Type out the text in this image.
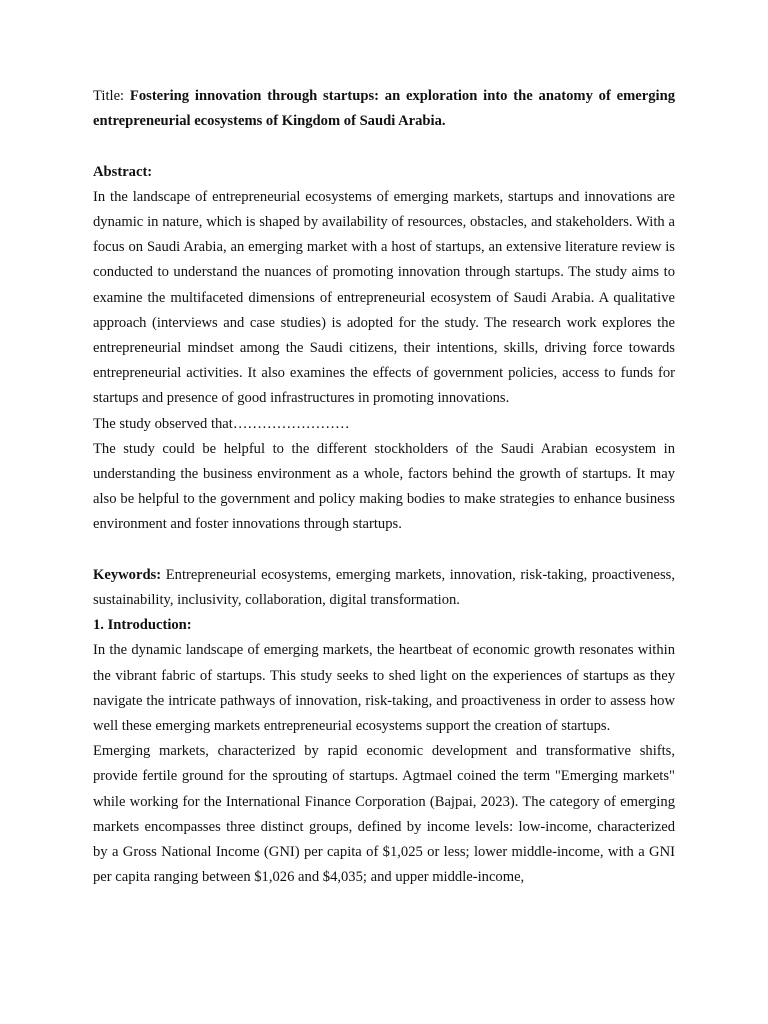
Title: Fostering innovation through startups: an exploration into the anatomy of emerging entrepreneurial ecosystems of Kingdom of Saudi Arabia.

Abstract:

In the landscape of entrepreneurial ecosystems of emerging markets, startups and innovations are dynamic in nature, which is shaped by availability of resources, obstacles, and stakeholders. With a focus on Saudi Arabia, an emerging market with a host of startups, an extensive literature review is conducted to understand the nuances of promoting innovation through startups. The study aims to examine the multifaceted dimensions of entrepreneurial ecosystem of Saudi Arabia. A qualitative approach (interviews and case studies) is adopted for the study. The research work explores the entrepreneurial mindset among the Saudi citizens, their intentions, skills, driving force towards entrepreneurial activities. It also examines the effects of government policies, access to funds for startups and presence of good infrastructures in promoting innovations.

The study observed that……………………

The study could be helpful to the different stockholders of the Saudi Arabian ecosystem in understanding the business environment as a whole, factors behind the growth of startups. It may also be helpful to the government and policy making bodies to make strategies to enhance business environment and foster innovations through startups.

Keywords: Entrepreneurial ecosystems, emerging markets, innovation, risk-taking, proactiveness, sustainability, inclusivity, collaboration, digital transformation.

1. Introduction:

In the dynamic landscape of emerging markets, the heartbeat of economic growth resonates within the vibrant fabric of startups. This study seeks to shed light on the experiences of startups as they navigate the intricate pathways of innovation, risk-taking, and proactiveness in order to assess how well these emerging markets entrepreneurial ecosystems support the creation of startups.

Emerging markets, characterized by rapid economic development and transformative shifts, provide fertile ground for the sprouting of startups. Agtmael coined the term "Emerging markets" while working for the International Finance Corporation (Bajpai, 2023). The category of emerging markets encompasses three distinct groups, defined by income levels: low-income, characterized by a Gross National Income (GNI) per capita of $1,025 or less; lower middle-income, with a GNI per capita ranging between $1,026 and $4,035; and upper middle-income,
